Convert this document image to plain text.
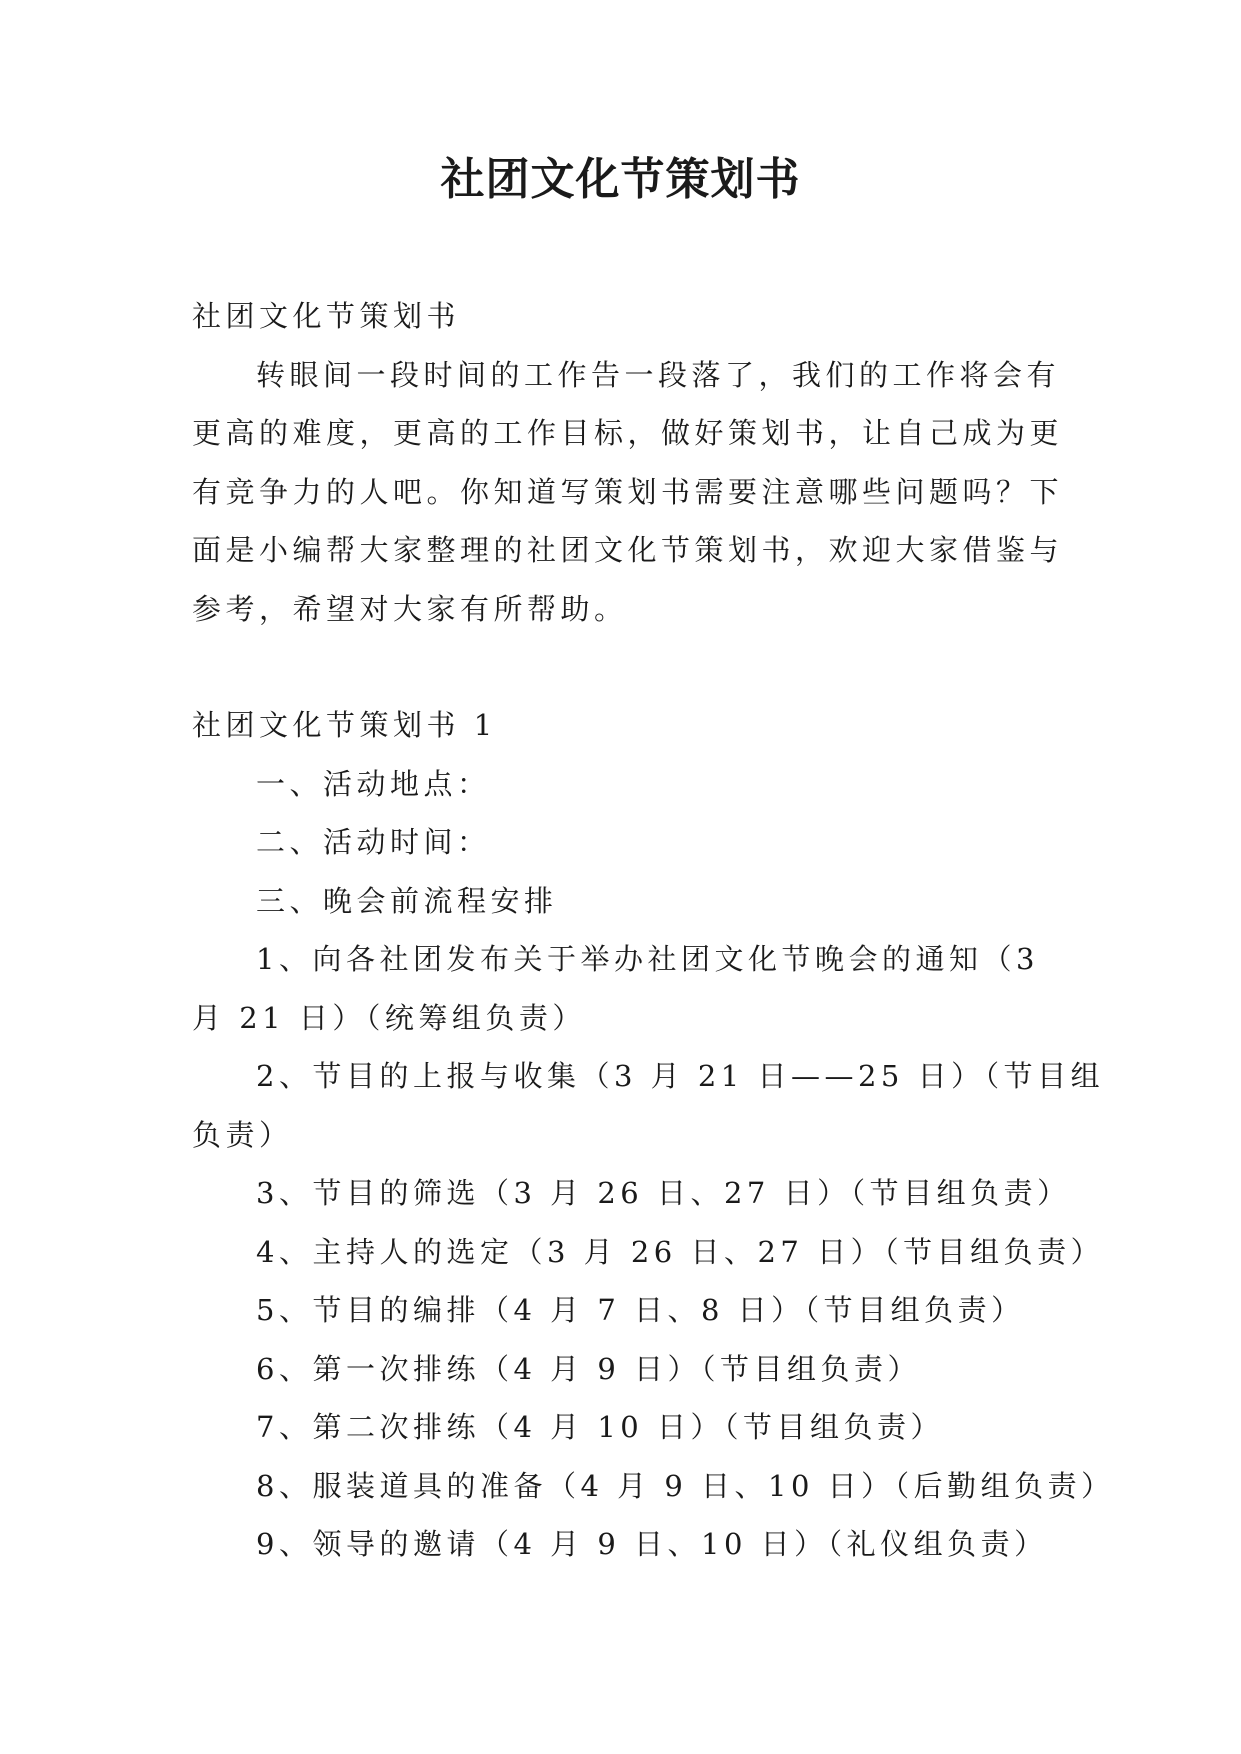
社团文化节策划书

社团文化节策划书

转眼间一段时间的工作告一段落了，我们的工作将会有

更高的难度，更高的工作目标，做好策划书，让自己成为更

有竞争力的人吧。你知道写策划书需要注意哪些问题吗？下

面是小编帮大家整理的社团文化节策划书，欢迎大家借鉴与

参考，希望对大家有所帮助。

社团文化节策划书 1

一、活动地点：

二、活动时间：

三、晚会前流程安排

1、向各社团发布关于举办社团文化节晚会的通知（3

月 21 日）（统筹组负责）

2、节目的上报与收集（3 月 21 日——25 日）（节目组

负责）

3、节目的筛选（3 月 26 日、27 日）（节目组负责）

4、主持人的选定（3 月 26 日、27 日）（节目组负责）

5、节目的编排（4 月 7 日、8 日）（节目组负责）

6、第一次排练（4 月 9 日）（节目组负责）

7、第二次排练（4 月 10 日）（节目组负责）

8、服装道具的准备（4 月 9 日、10 日）（后勤组负责）

9、领导的邀请（4 月 9 日、10 日）（礼仪组负责）
